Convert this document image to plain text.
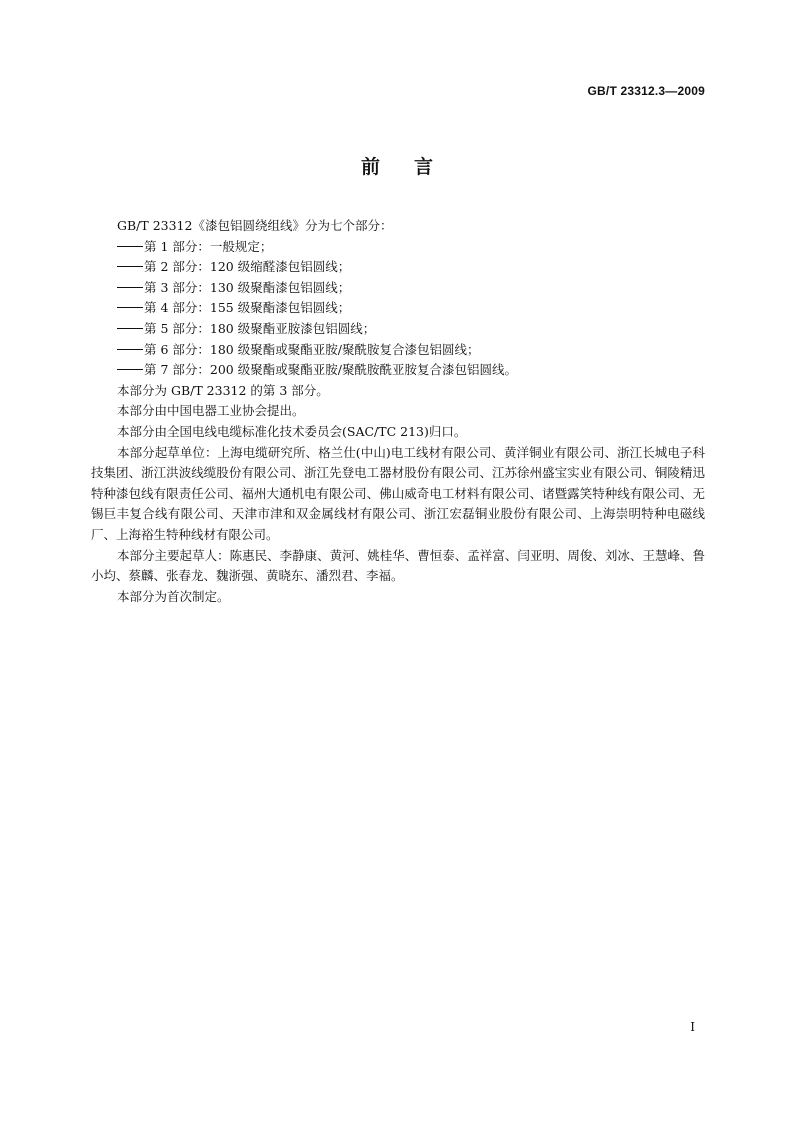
GB/T 23312.3—2009
前言

GB/T 23312《漆包铝圆绕组线》分为七个部分：

第 1 部分：一般规定；

第 2 部分：120 级缩醛漆包铝圆线；

第 3 部分：130 级聚酯漆包铝圆线；

第 4 部分：155 级聚酯漆包铝圆线；

第 5 部分：180 级聚酯亚胺漆包铝圆线；

第 6 部分：180 级聚酯或聚酯亚胺/聚酰胺复合漆包铝圆线；

第 7 部分：200 级聚酯或聚酯亚胺/聚酰胺酰亚胺复合漆包铝圆线。

本部分为 GB/T 23312 的第 3 部分。

本部分由中国电器工业协会提出。

本部分由全国电线电缆标准化技术委员会(SAC/TC 213)归口。

本部分起草单位：上海电缆研究所、格兰仕(中山)电工线材有限公司、黄洋铜业有限公司、浙江长城电子科技集团、浙江洪波线缆股份有限公司、浙江先登电工器材股份有限公司、江苏徐州盛宝实业有限公司、铜陵精迅特种漆包线有限责任公司、福州大通机电有限公司、佛山威奇电工材料有限公司、诸暨露笑特种线有限公司、无锡巨丰复合线有限公司、天津市津和双金属线材有限公司、浙江宏磊铜业股份有限公司、上海崇明特种电磁线厂、上海裕生特种线材有限公司。

本部分主要起草人：陈惠民、李静康、黄河、姚桂华、曹恒泰、孟祥富、闫亚明、周俊、刘冰、王慧峰、鲁小均、蔡麟、张春龙、魏浙强、黄晓东、潘烈君、李福。

本部分为首次制定。

I
